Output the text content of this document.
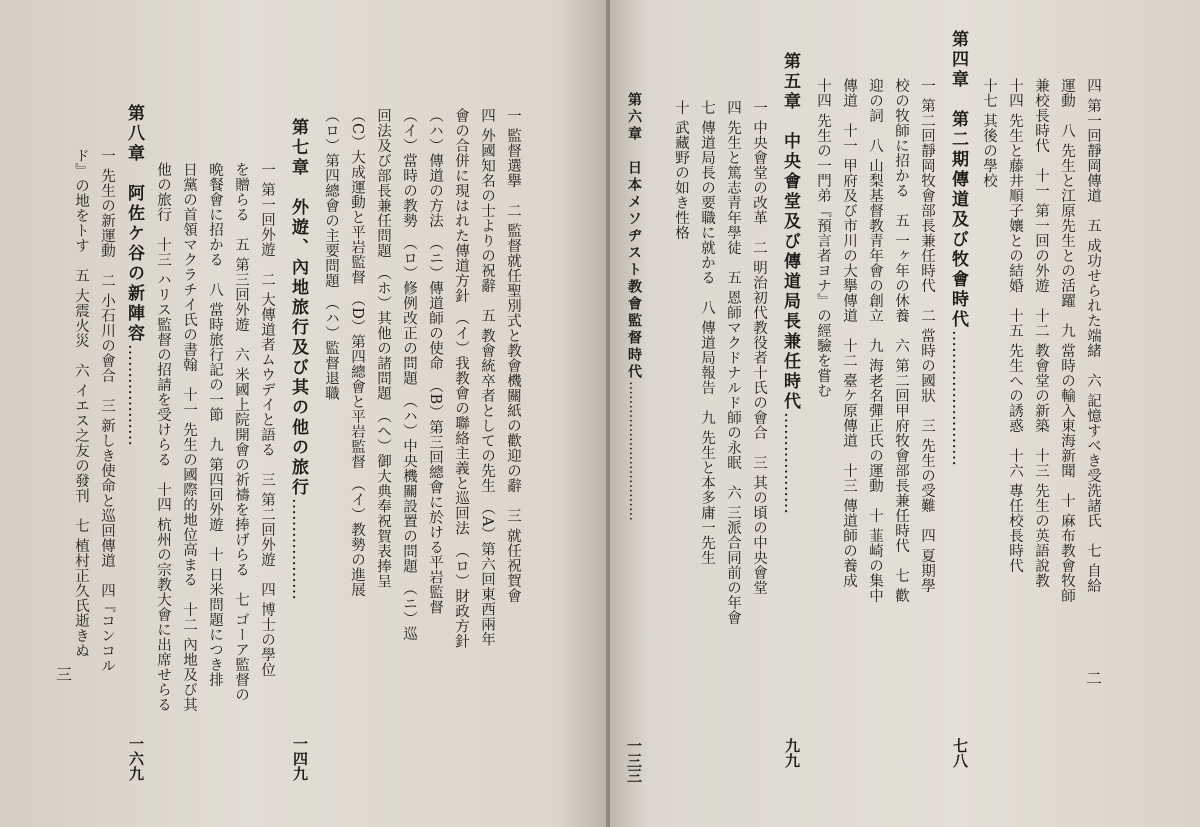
四 第一回靜岡傳道　五 成功せられた端緒　六 記憶すべき受洗諸氏　七 自給
運動　八 先生と江原先生との活躍　九 當時の輸入東海新聞　十 麻布教會牧師
兼校長時代　十一 第一回の外遊　十二 教會堂の新築　十三 先生の英語說教
十四 先生と藤井順子孃との結婚　十五 先生への誘惑　十六 專任校長時代
十七 其後の學校
第四章　第二期傳道及び牧會時代……………………
七八
一 第二回靜岡牧會部長兼任時代　二 當時の國狀　三 先生の受難　四 夏期學
校の牧師に招かる　五 一ヶ年の休養　六 第二回甲府牧會部長兼任時代　七 歡
迎の詞　八 山梨基督教青年會の創立　九 海老名彈正氏の運動　十 韮崎の集中
傳道　十一 甲府及び市川の大擧傳道　十二 臺ケ原傳道　十三 傳道師の養成
十四 先生の一門弟『預言者ヨナ』の經驗を嘗む
第五章　中央會堂及び傳道局長兼任時代………………
九九
一 中央會堂の改革　二 明治初代教役者十氏の會合　三 其の頃の中央會堂
四 先生と篤志青年學徒　五 恩師マクドナルド師の永眠　六 三派合同前の年會
七 傳道局長の要職に就かる　八 傳道局報告　九 先生と本多庸一先生
十 武藏野の如き性格
第六章　日本メソヂスト教會監督時代…………………………
一三三
二
一 監督選擧　二 監督就任聖別式と教會機關紙の歡迎の辭　三 就任祝賀會
四 外國知名の士よりの祝辭　五 教會統卒者としての先生　（A）第六回東西兩年
會の合併に現はれた傳道方針　（イ）我教會の聯絡主義と巡回法　（ロ）財政方針
（ハ）傳道の方法　（ニ）傳道師の使命　（B）第三回總會に於ける平岩監督
（イ）當時の教勢　（ロ）修例改正の問題　（ハ）中央機關設置の問題　（ニ）巡
回法及び部長兼任問題　（ホ）其他の諸問題　（ヘ）御大典奉祝賀表捧呈
（C）大成運動と平岩監督　（D）第四總會と平岩監督　（イ）教勢の進展
（ロ）第四總會の主要問題　（ハ）監督退職
第七章　外遊、內地旅行及び其の他の旅行………………
一四九
一 第一回外遊　二 大傳道者ムウデイと語る　三 第二回外遊　四 博士の學位
を贈らる　五 第三回外遊　六 米國上院開會の祈禱を捧げらる　七 ゴーア監督の
晩餐會に招かる　八 當時旅行記の一節　九 第四回外遊　十 日米問題につき排
日黨の首領マクラチイ氏の書翰　十一 先生の國際的地位高まる　十二 內地及び其
他の旅行　十三 ハリス監督の招請を受けらる　十四 杭州の宗教大會に出席せらる
第八章　阿佐ケ谷の新陣容………………
一六九
一 先生の新運動　二 小石川の會合　三 新しき使命と巡回傳道　四『コンコル
ド』の地をトす　五 大震火災　六 イエス之友の發刊　七 植村正久氏逝きぬ
三
